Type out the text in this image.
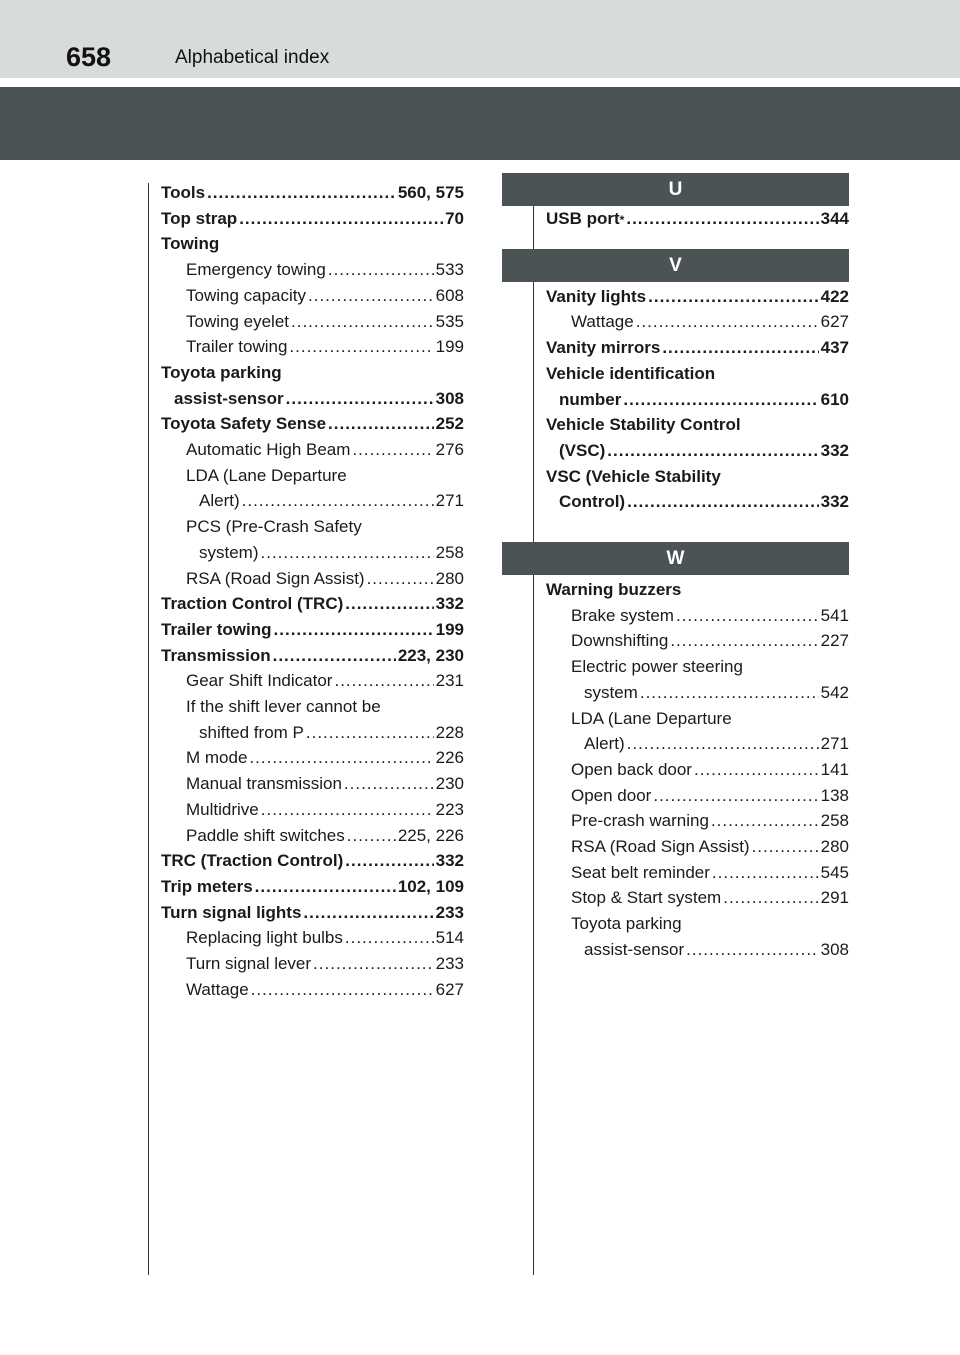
658	Alphabetical index
Tools .....	560, 575
Top strap .....	70
Towing
Emergency towing .....	533
Towing capacity .....	608
Towing eyelet .....	535
Trailer towing .....	199
Toyota parking
assist-sensor .....	308
Toyota Safety Sense .....	252
Automatic High Beam .....	276
LDA (Lane Departure
Alert) .....	271
PCS (Pre-Crash Safety
system) .....	258
RSA (Road Sign Assist) .....	280
Traction Control (TRC) .....	332
Trailer towing .....	199
Transmission .....	223, 230
Gear Shift Indicator .....	231
If the shift lever cannot be
shifted from P .....	228
M mode .....	226
Manual transmission .....	230
Multidrive .....	223
Paddle shift switches .....	225, 226
TRC (Traction Control) .....	332
Trip meters .....	102, 109
Turn signal lights .....	233
Replacing light bulbs .....	514
Turn signal lever .....	233
Wattage .....	627
U
USB port * .....	344
V
Vanity lights .....	422
Wattage .....	627
Vanity mirrors .....	437
Vehicle identification
number .....	610
Vehicle Stability Control
(VSC) .....	332
VSC (Vehicle Stability
Control) .....	332
W
Warning buzzers
Brake system .....	541
Downshifting .....	227
Electric power steering
system .....	542
LDA (Lane Departure
Alert) .....	271
Open back door .....	141
Open door .....	138
Pre-crash warning .....	258
RSA (Road Sign Assist) .....	280
Seat belt reminder .....	545
Stop & Start system .....	291
Toyota parking
assist-sensor .....	308
